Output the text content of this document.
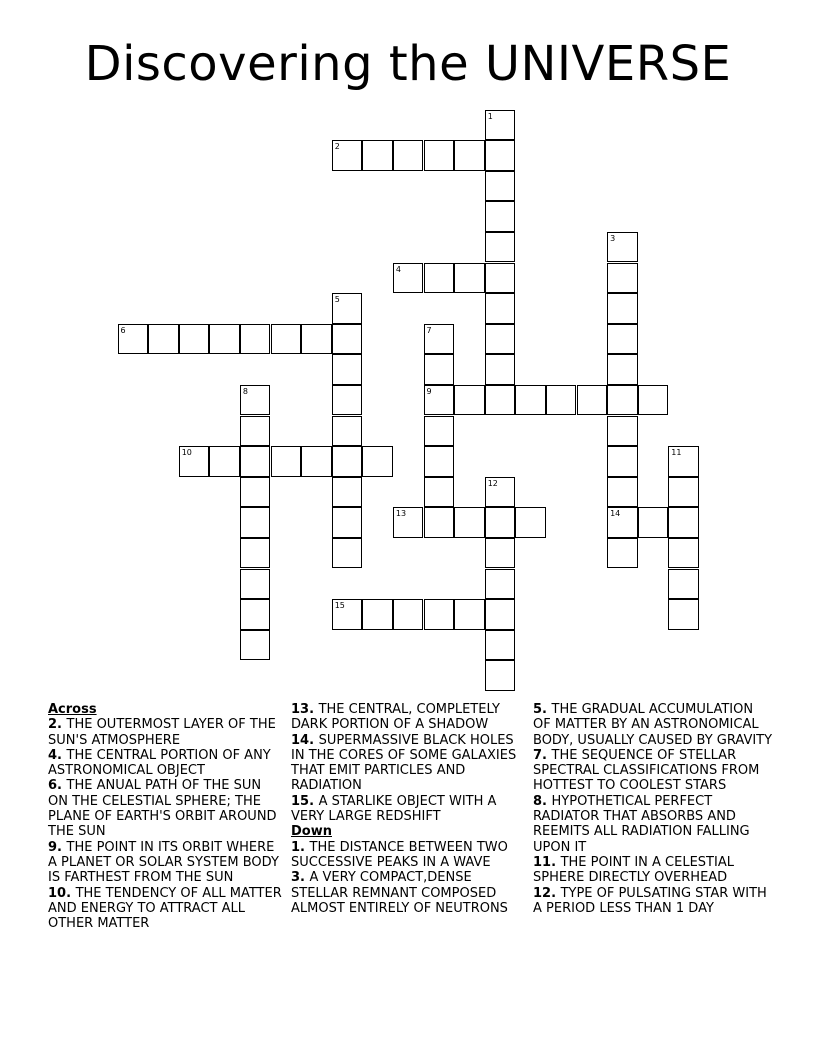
Discovering the UNIVERSE
1
2
3
14
4
5
6	7
9
8
10	11
12
13
15

Across

2. THE OUTERMOST LAYER OF THE SUN'S ATMOSPHERE

4. THE CENTRAL PORTION OF ANY ASTRONOMICAL OBJECT

6. THE ANUAL PATH OF THE SUN ON THE CELESTIAL SPHERE; THE PLANE OF EARTH'S ORBIT AROUND THE SUN

9. THE POINT IN ITS ORBIT WHERE A PLANET OR SOLAR SYSTEM BODY IS FARTHEST FROM THE SUN

10. THE TENDENCY OF ALL MATTER AND ENERGY TO ATTRACT ALL OTHER MATTER

13. THE CENTRAL, COMPLETELY DARK PORTION OF A SHADOW

14. SUPERMASSIVE BLACK HOLES IN THE CORES OF SOME GALAXIES THAT EMIT PARTICLES AND RADIATION

15. A STARLIKE OBJECT WITH A VERY LARGE REDSHIFT

Down

1. THE DISTANCE BETWEEN TWO SUCCESSIVE PEAKS IN A WAVE

3. A VERY COMPACT,DENSE STELLAR REMNANT COMPOSED ALMOST ENTIRELY OF NEUTRONS

5. THE GRADUAL ACCUMULATION OF MATTER BY AN ASTRONOMICAL BODY, USUALLY CAUSED BY GRAVITY

7. THE SEQUENCE OF STELLAR SPECTRAL CLASSIFICATIONS FROM HOTTEST TO COOLEST STARS

8. HYPOTHETICAL PERFECT RADIATOR THAT ABSORBS AND REEMITS ALL RADIATION FALLING UPON IT

11. THE POINT IN A CELESTIAL SPHERE DIRECTLY OVERHEAD

12. TYPE OF PULSATING STAR WITH A PERIOD LESS THAN 1 DAY
